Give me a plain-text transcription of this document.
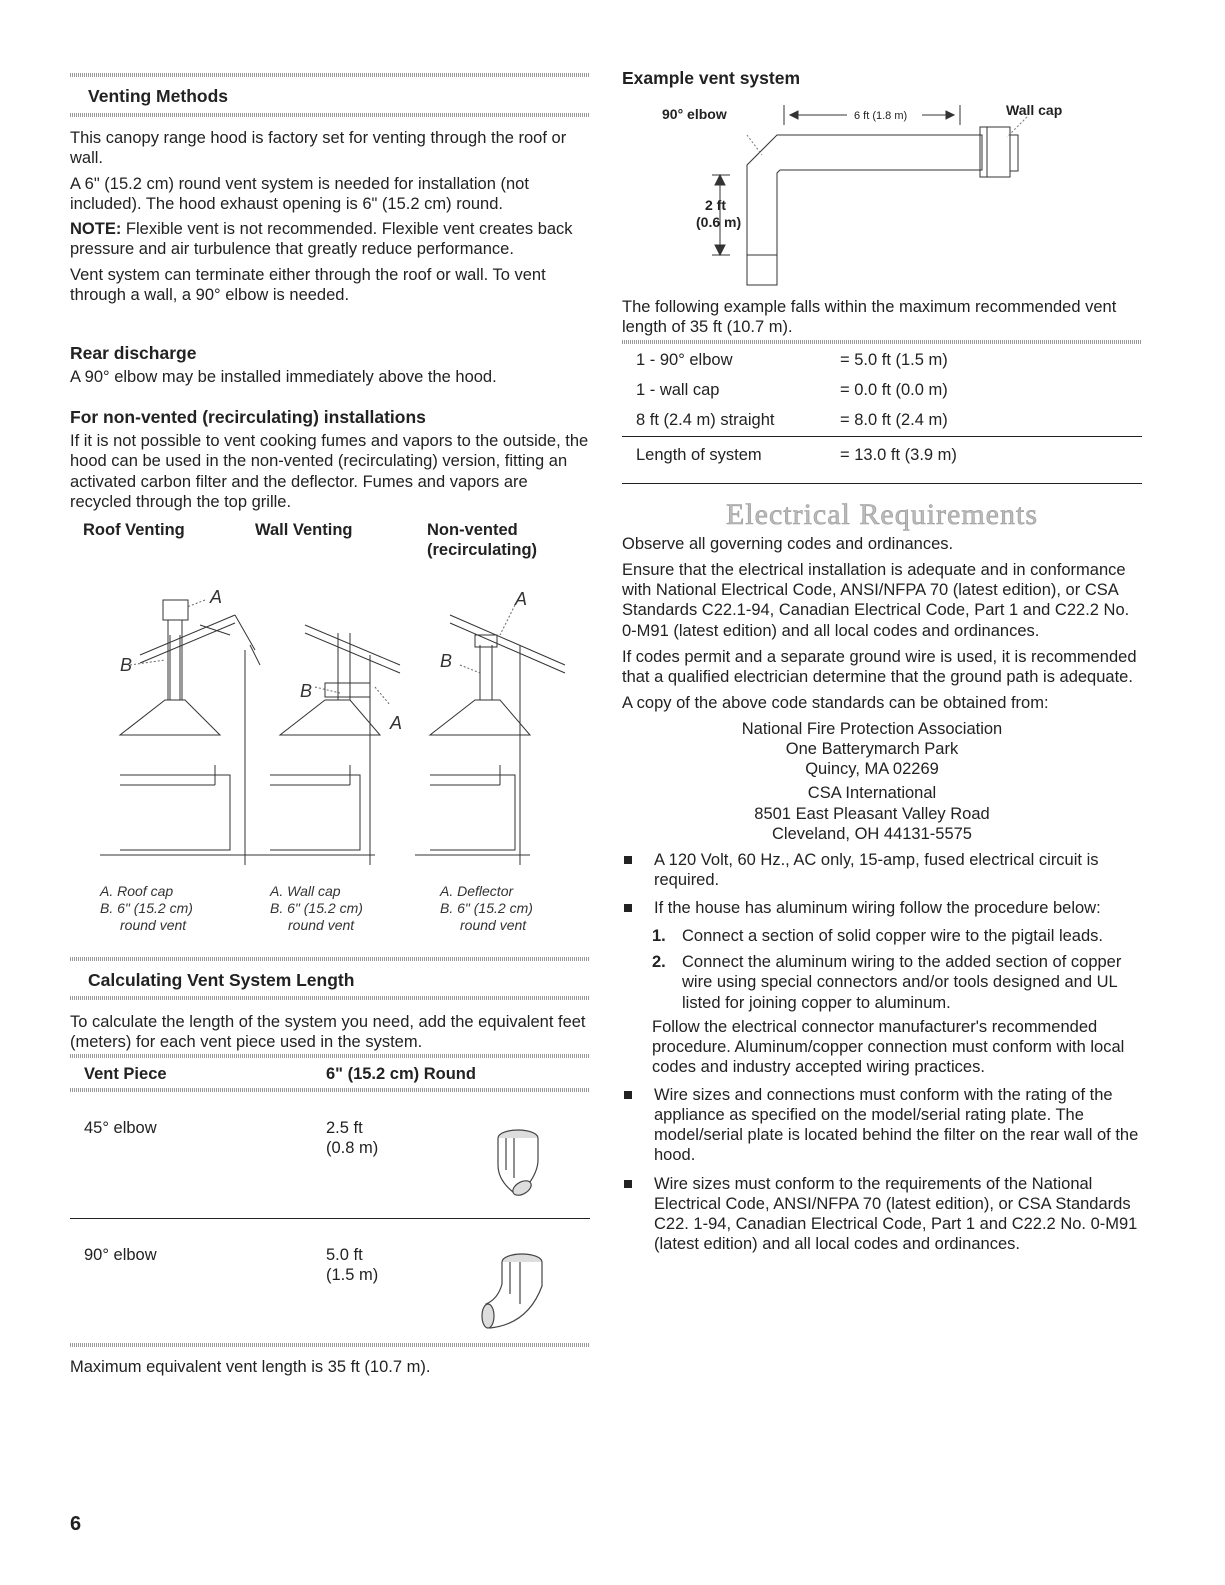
Venting Methods

This canopy range hood is factory set for venting through the roof or wall.

A 6" (15.2 cm) round vent system is needed for installation (not included). The hood exhaust opening is 6" (15.2 cm) round.

NOTE: Flexible vent is not recommended. Flexible vent creates back pressure and air turbulence that greatly reduce performance.

Vent system can terminate either through the roof or wall. To vent through a wall, a 90° elbow is needed.

Rear discharge

A 90° elbow may be installed immediately above the hood.

For non-vented (recirculating) installations

If it is not possible to vent cooking fumes and vapors to the outside, the hood can be used in the non-vented (recirculating) version, fitting an activated carbon filter and the deflector. Fumes and vapors are recycled through the top grille.

Roof Venting	Wall Venting	Non-vented (recirculating)
B
A
B
A
B
A
A. Roof cap
B. 6" (15.2 cm)
round vent
A. Wall cap
B. 6" (15.2 cm)
round vent
A. Deflector
B. 6" (15.2 cm)
round vent
Calculating Vent System Length

To calculate the length of the system you need, add the equivalent feet (meters) for each vent piece used in the system.

Vent Piece	6" (15.2 cm) Round
45° elbow	2.5 ft
(0.8 m)
90° elbow	5.0 ft
(1.5 m)

Maximum equivalent vent length is 35 ft (10.7 m).

6
Example vent system
90° elbow	Wall cap
2 ft
(0.6 m)
6 ft (1.8 m)

The following example falls within the maximum recommended vent length of 35 ft (10.7 m).

1 - 90° elbow	= 5.0 ft (1.5 m)
1 - wall cap	= 0.0 ft (0.0 m)
8 ft (2.4 m) straight	= 8.0 ft (2.4 m)
Length of system	= 13.0 ft (3.9 m)
Electrical Requirements

Observe all governing codes and ordinances.

Ensure that the electrical installation is adequate and in conformance with National Electrical Code, ANSI/NFPA 70 (latest edition), or CSA Standards C22.1-94, Canadian Electrical Code, Part 1 and C22.2 No. 0-M91 (latest edition) and all local codes and ordinances.

If codes permit and a separate ground wire is used, it is recommended that a qualified electrician determine that the ground path is adequate.

A copy of the above code standards can be obtained from:

National Fire Protection Association
One Batterymarch Park
Quincy, MA 02269
CSA International
8501 East Pleasant Valley Road
Cleveland, OH 44131-5575

A 120 Volt, 60 Hz., AC only, 15-amp, fused electrical circuit is required.

If the house has aluminum wiring follow the procedure below:

1. Connect a section of solid copper wire to the pigtail leads.

2. Connect the aluminum wiring to the added section of copper wire using special connectors and/or tools designed and UL listed for joining copper to aluminum.

Follow the electrical connector manufacturer's recommended procedure. Aluminum/copper connection must conform with local codes and industry accepted wiring practices.

Wire sizes and connections must conform with the rating of the appliance as specified on the model/serial rating plate. The model/serial plate is located behind the filter on the rear wall of the hood.

Wire sizes must conform to the requirements of the National Electrical Code, ANSI/NFPA 70 (latest edition), or CSA Standards C22. 1-94, Canadian Electrical Code, Part 1 and C22.2 No. 0-M91 (latest edition) and all local codes and ordinances.
